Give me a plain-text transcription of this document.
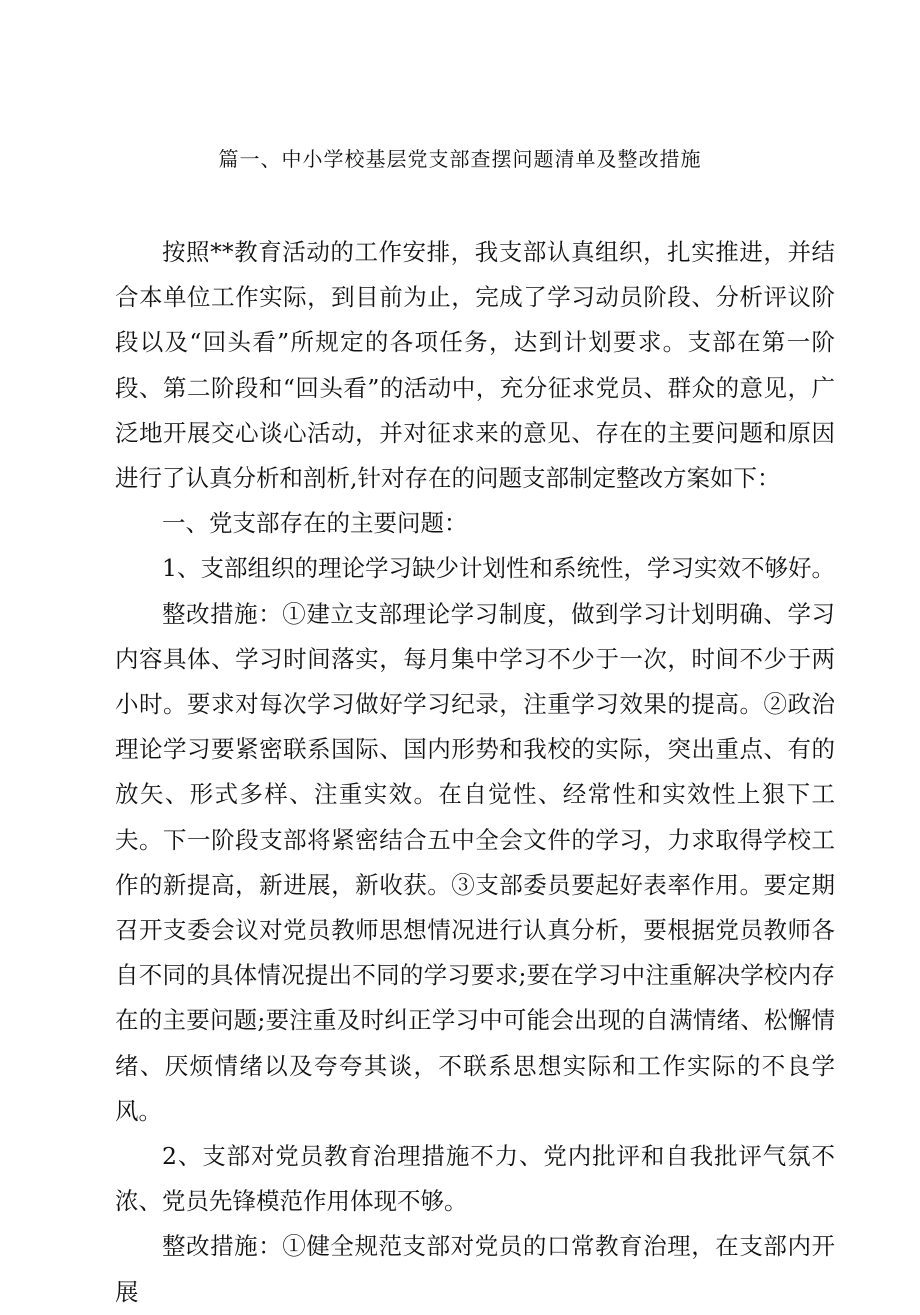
篇一、中小学校基层党支部查摆问题清单及整改措施

按照**教育活动的工作安排，我支部认真组织，扎实推进，并结合本单位工作实际，到目前为止，完成了学习动员阶段、分析评议阶段以及“回头看”所规定的各项任务，达到计划要求。支部在第一阶段、第二阶段和“回头看”的活动中，充分征求党员、群众的意见，广泛地开展交心谈心活动，并对征求来的意见、存在的主要问题和原因进行了认真分析和剖析,针对存在的问题支部制定整改方案如下：

一、党支部存在的主要问题：

1、支部组织的理论学习缺少计划性和系统性，学习实效不够好。

整改措施：①建立支部理论学习制度，做到学习计划明确、学习内容具体、学习时间落实，每月集中学习不少于一次，时间不少于两小时。要求对每次学习做好学习纪录，注重学习效果的提高。②政治理论学习要紧密联系国际、国内形势和我校的实际，突出重点、有的放矢、形式多样、注重实效。在自觉性、经常性和实效性上狠下工夫。下一阶段支部将紧密结合五中全会文件的学习，力求取得学校工作的新提高，新进展，新收获。③支部委员要起好表率作用。要定期召开支委会议对党员教师思想情况进行认真分析，要根据党员教师各自不同的具体情况提出不同的学习要求;要在学习中注重解决学校内存在的主要问题;要注重及时纠正学习中可能会出现的自满情绪、松懈情绪、厌烦情绪以及夸夸其谈，不联系思想实际和工作实际的不良学风。

2、支部对党员教育治理措施不力、党内批评和自我批评气氛不浓、党员先锋模范作用体现不够。

整改措施：①健全规范支部对党员的口常教育治理，在支部内开展
